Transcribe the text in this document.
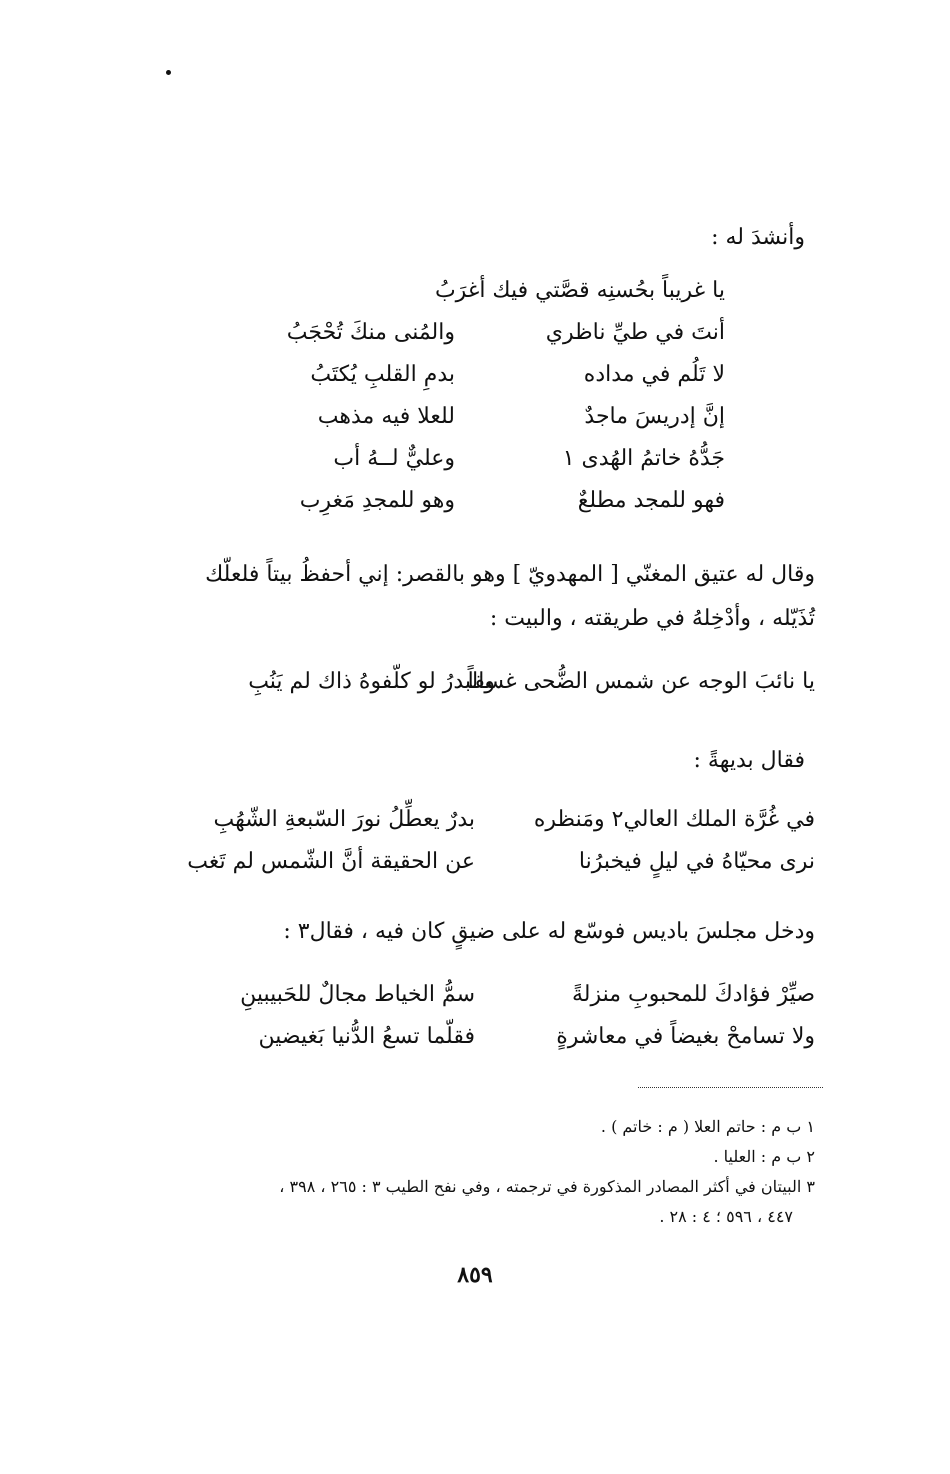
وأنشدَ له :
يا غريباً بحُسنِه قصَّتي فيك أغرَبُ
أنتَ في طيِّ ناظري
والمُنى منكَ تُحْجَبُ
لا تَلُم في مداده
بدمِ القلبِ يُكتَبُ
إنَّ إدريسَ ماجدٌ
للعلا فيه مذهب
جَدُّهُ خاتمُ الهُدى ١
وعليٌّ لــهُ أب
فهو للمجد مطلعٌ
وهو للمجدِ مَغرِب
وقال له عتيق المغنّي [ المهدويّ ] وهو بالقصر: إني أحفظُ بيتاً فلعلّك تُذَيّله ، وأدْخِلهُ في طريقته ، والبيت :
يا نائبَ الوجه عن شمس الضُّحى غسقاً
والبدرُ لو كلّفوهُ ذاك لم يَنُبِ
فقال بديهةً :
في غُرَّة الملك العالي٢ ومَنظره
بدرٌ يعطِّلُ نورَ السّبعةِ الشّهُبِ
نرى محيّاهُ في ليلٍ فيخبرُنا
عن الحقيقة أنَّ الشّمس لم تَغب
ودخل مجلسَ باديس فوسّع له على ضيقٍ كان فيه ، فقال٣ :
صيِّرْ فؤادكَ للمحبوبِ منزلةً
سمُّ الخياط مجالٌ للحَبيبينِ
ولا تسامحْ بغيضاً في معاشرةٍ
فقلّما تسعُ الدُّنيا بَغيضين
١ ب م : حاتم العلا ( م : خاتم ) .
٢ ب م : العليا .
٣ البيتان في أكثر المصادر المذكورة في ترجمته ، وفي نفح الطيب ٣ : ٢٦٥ ، ٣٩٨ ،
٤٤٧ ، ٥٩٦ ؛ ٤ : ٢٨ .
٨٥٩
